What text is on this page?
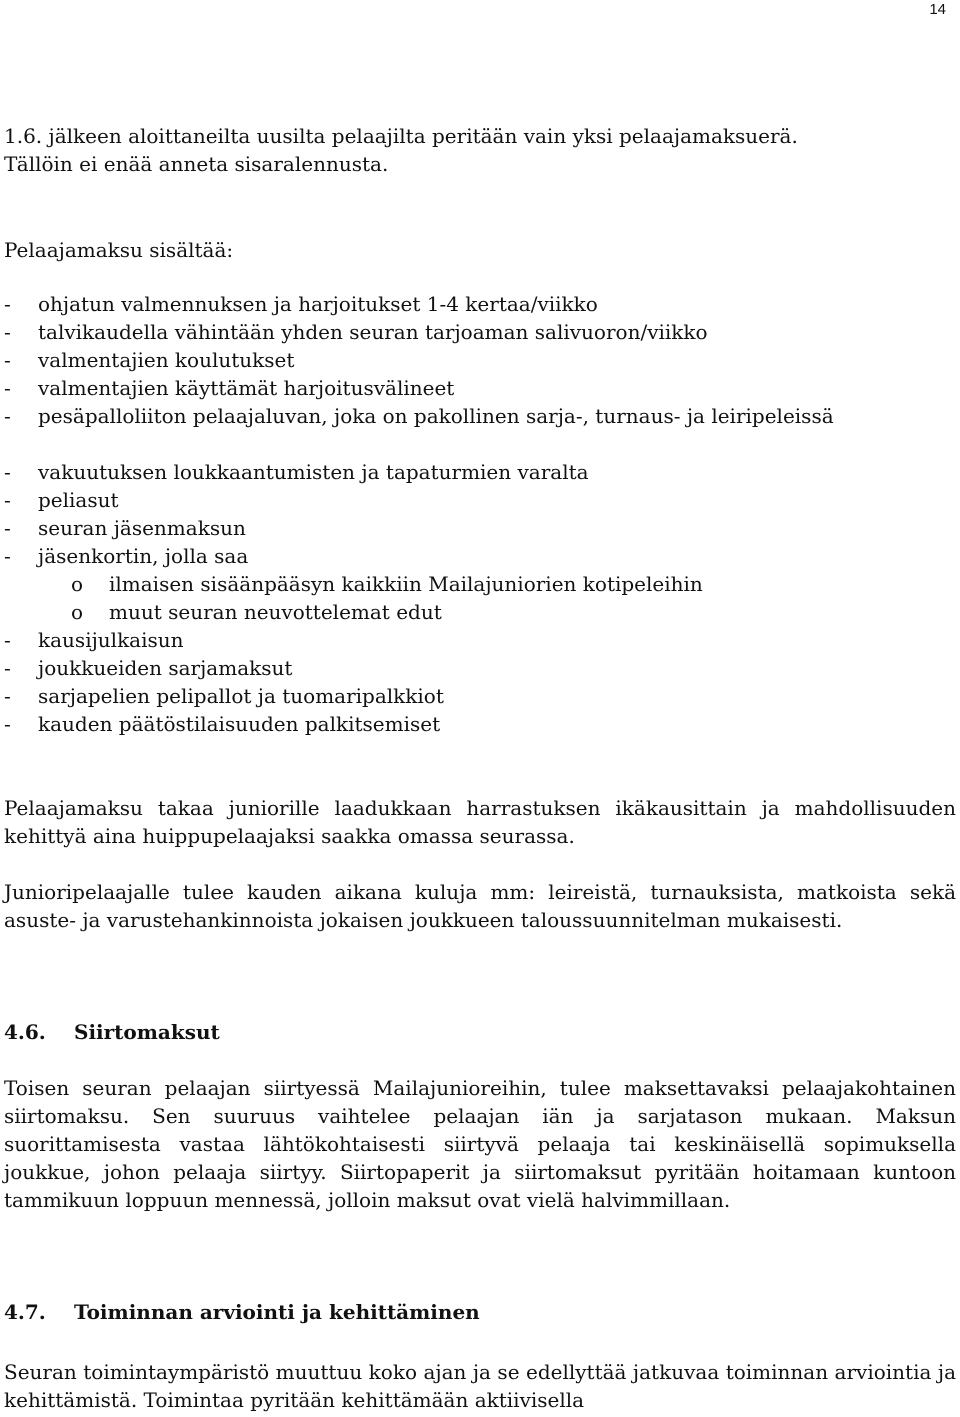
14
1.6. jälkeen aloittaneilta uusilta pelaajilta peritään vain yksi pelaajamaksuerä.
Tällöin ei enää anneta sisaralennusta.
Pelaajamaksu sisältää:
- ohjatun valmennuksen ja harjoitukset 1-4 kertaa/viikko
- talvikaudella vähintään yhden seuran tarjoaman salivuoron/viikko
- valmentajien koulutukset
- valmentajien käyttämät harjoitusvälineet
- pesäpalloliiton pelaajaluvan, joka on pakollinen sarja-, turnaus- ja leiripeleissä
- vakuutuksen loukkaantumisten ja tapaturmien varalta
- peliasut
- seuran jäsenmaksun
- jäsenkortin, jolla saa
o ilmaisen sisäänpääsyn kaikkiin Mailajuniorien kotipeleihin
o muut seuran neuvottelemat edut
- kausijulkaisun
- joukkueiden sarjamaksut
- sarjapelien pelipallot ja tuomaripalkkiot
- kauden päätöstilaisuuden palkitsemiset
Pelaajamaksu takaa juniorille laadukkaan harrastuksen ikäkausittain ja mahdollisuuden kehittyä aina huippupelaajaksi saakka omassa seurassa.
Junioripelaajalle tulee kauden aikana kuluja mm: leireistä, turnauksista, matkoista sekä asuste- ja varustehankinnoista jokaisen joukkueen taloussuunnitelman mukaisesti.
4.6. Siirtomaksut
Toisen seuran pelaajan siirtyessä Mailajunioreihin, tulee maksettavaksi pelaajakohtainen siirtomaksu. Sen suuruus vaihtelee pelaajan iän ja sarjatason mukaan. Maksun suorittamisesta vastaa lähtökohtaisesti siirtyvä pelaaja tai keskinäisellä sopimuksella joukkue, johon pelaaja siirtyy. Siirtopaperit ja siirtomaksut pyritään hoitamaan kuntoon tammikuun loppuun mennessä, jolloin maksut ovat vielä halvimmillaan.
4.7. Toiminnan arviointi ja kehittäminen
Seuran toimintaympäristö muuttuu koko ajan ja se edellyttää jatkuvaa toiminnan arviointia ja kehittämistä. Toimintaa pyritään kehittämään aktiivisella
